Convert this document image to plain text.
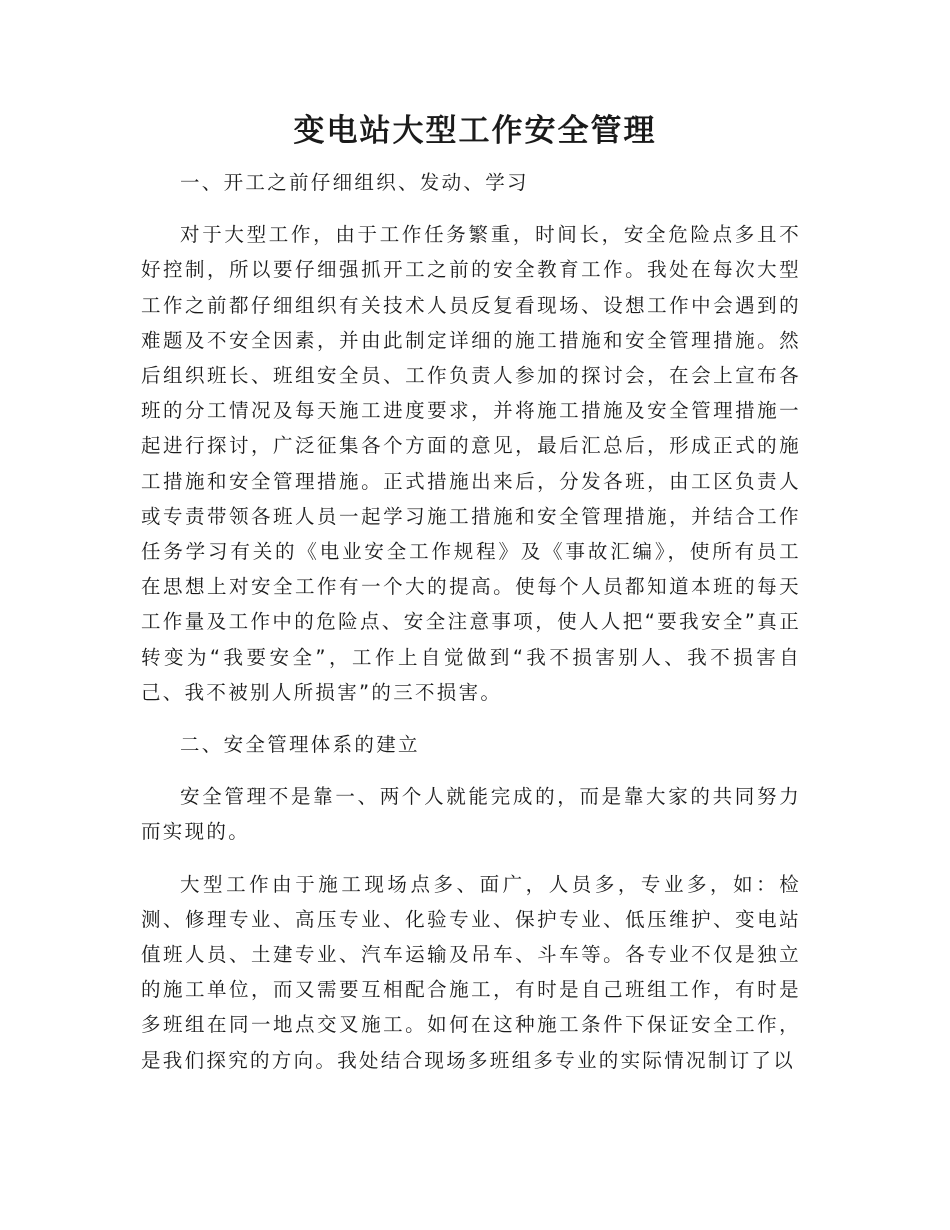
变电站大型工作安全管理

一、开工之前仔细组织、发动、学习

对于大型工作，由于工作任务繁重，时间长，安全危险点多且不好控制，所以要仔细强抓开工之前的安全教育工作。我处在每次大型工作之前都仔细组织有关技术人员反复看现场、设想工作中会遇到的难题及不安全因素，并由此制定详细的施工措施和安全管理措施。然后组织班长、班组安全员、工作负责人参加的探讨会，在会上宣布各班的分工情况及每天施工进度要求，并将施工措施及安全管理措施一起进行探讨，广泛征集各个方面的意见，最后汇总后，形成正式的施工措施和安全管理措施。正式措施出来后，分发各班，由工区负责人或专责带领各班人员一起学习施工措施和安全管理措施，并结合工作任务学习有关的《电业安全工作规程》及《事故汇编》，使所有员工在思想上对安全工作有一个大的提高。使每个人员都知道本班的每天工作量及工作中的危险点、安全注意事项，使人人把“要我安全”真正转变为“我要安全”，工作上自觉做到“我不损害别人、我不损害自己、我不被别人所损害”的三不损害。

二、安全管理体系的建立

安全管理不是靠一、两个人就能完成的，而是靠大家的共同努力而实现的。

大型工作由于施工现场点多、面广，人员多，专业多，如：检测、修理专业、高压专业、化验专业、保护专业、低压维护、变电站值班人员、土建专业、汽车运输及吊车、斗车等。各专业不仅是独立的施工单位，而又需要互相配合施工，有时是自己班组工作，有时是多班组在同一地点交叉施工。如何在这种施工条件下保证安全工作，是我们探究的方向。我处结合现场多班组多专业的实际情况制订了以
